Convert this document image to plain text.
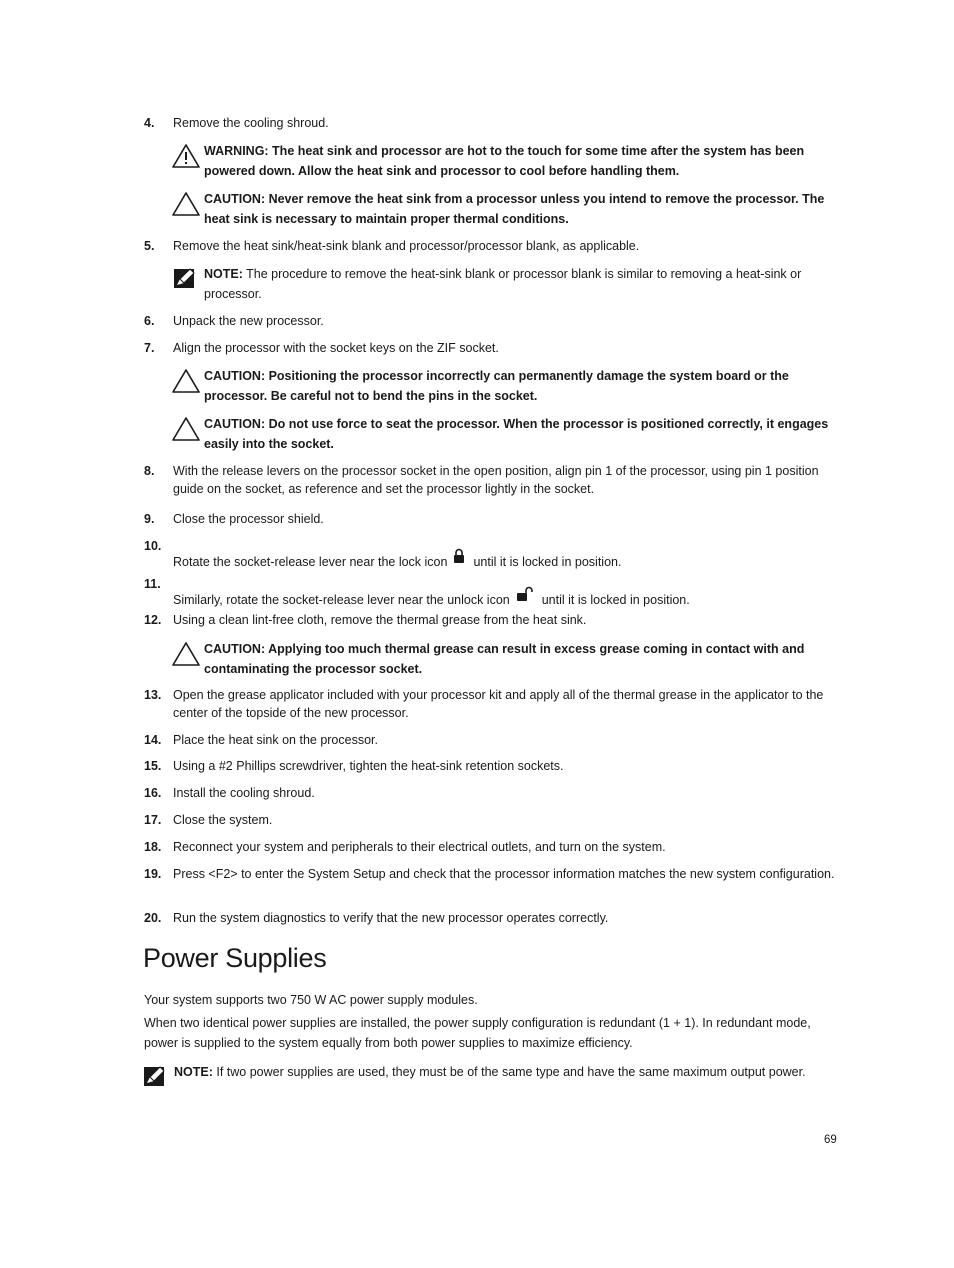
4.	Remove the cooling shroud.
WARNING: The heat sink and processor are hot to the touch for some time after the system has been powered down. Allow the heat sink and processor to cool before handling them.
CAUTION: Never remove the heat sink from a processor unless you intend to remove the processor. The heat sink is necessary to maintain proper thermal conditions.
5.	Remove the heat sink/heat-sink blank and processor/processor blank, as applicable.
NOTE: The procedure to remove the heat-sink blank or processor blank is similar to removing a heat-sink or processor.
6.	Unpack the new processor.
7.	Align the processor with the socket keys on the ZIF socket.
CAUTION: Positioning the processor incorrectly can permanently damage the system board or the processor. Be careful not to bend the pins in the socket.
CAUTION: Do not use force to seat the processor. When the processor is positioned correctly, it engages easily into the socket.
8.	With the release levers on the processor socket in the open position, align pin 1 of the processor, using pin 1 position guide on the socket, as reference and set the processor lightly in the socket.
9.	Close the processor shield.
10.
Rotate the socket-release lever near the lock icon until it is locked in position.
11.
Similarly, rotate the socket-release lever near the unlock icon	until it is locked in position.
12. Using a clean lint-free cloth, remove the thermal grease from the heat sink.
CAUTION: Applying too much thermal grease can result in excess grease coming in contact with and contaminating the processor socket.
13. Open the grease applicator included with your processor kit and apply all of the thermal grease in the applicator to the center of the topside of the new processor.
14. Place the heat sink on the processor.
15. Using a #2 Phillips screwdriver, tighten the heat-sink retention sockets.
16. Install the cooling shroud.
17. Close the system.
18. Reconnect your system and peripherals to their electrical outlets, and turn on the system.
19. Press <F2> to enter the System Setup and check that the processor information matches the new system configuration.
20. Run the system diagnostics to verify that the new processor operates correctly.
Power Supplies
Your system supports two 750 W AC power supply modules.
When two identical power supplies are installed, the power supply configuration is redundant (1 + 1). In redundant mode, power is supplied to the system equally from both power supplies to maximize efficiency.
NOTE: If two power supplies are used, they must be of the same type and have the same maximum output power.
69
